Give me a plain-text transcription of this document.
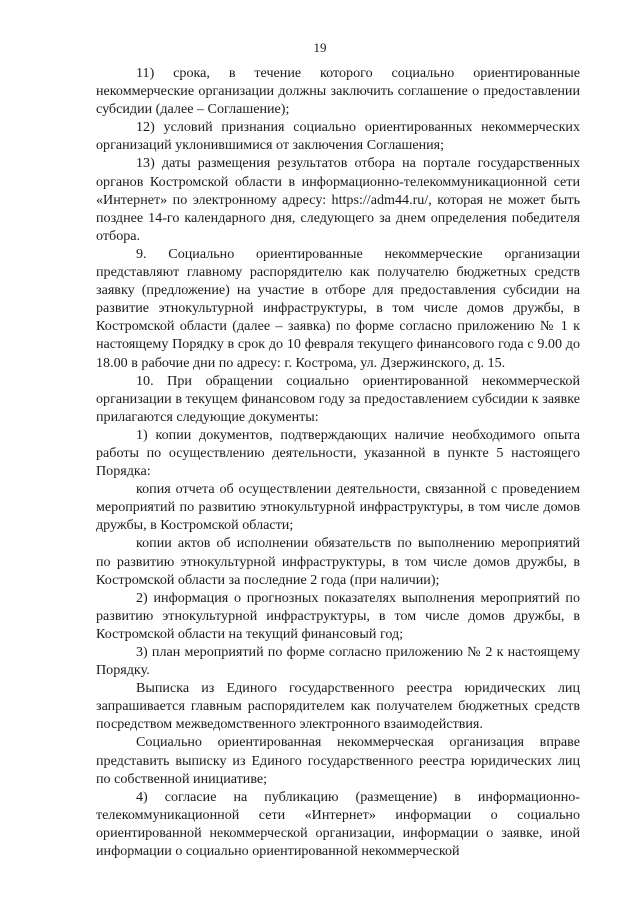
19

11) срока, в течение которого социально ориентированные некоммерческие организации должны заключить соглашение о предоставлении субсидии (далее – Соглашение);

12) условий признания социально ориентированных некоммерческих организаций уклонившимися от заключения Соглашения;

13) даты размещения результатов отбора на портале государственных органов Костромской области в информационно-телекоммуникационной сети «Интернет» по электронному адресу: https://adm44.ru/, которая не может быть позднее 14-го календарного дня, следующего за днем определения победителя отбора.

9. Социально ориентированные некоммерческие организации представляют главному распорядителю как получателю бюджетных средств заявку (предложение) на участие в отборе для предоставления субсидии на развитие этнокультурной инфраструктуры, в том числе домов дружбы, в Костромской области (далее – заявка) по форме согласно приложению № 1 к настоящему Порядку в срок до 10 февраля текущего финансового года с 9.00 до 18.00 в рабочие дни по адресу: г. Кострома, ул. Дзержинского, д. 15.

10. При обращении социально ориентированной некоммерческой организации в текущем финансовом году за предоставлением субсидии к заявке прилагаются следующие документы:

1) копии документов, подтверждающих наличие необходимого опыта работы по осуществлению деятельности, указанной в пункте 5 настоящего Порядка:

копия отчета об осуществлении деятельности, связанной с проведением мероприятий по развитию этнокультурной инфраструктуры, в том числе домов дружбы, в Костромской области;

копии актов об исполнении обязательств по выполнению мероприятий по развитию этнокультурной инфраструктуры, в том числе домов дружбы, в Костромской области за последние 2 года (при наличии);

2) информация о прогнозных показателях выполнения мероприятий по развитию этнокультурной инфраструктуры, в том числе домов дружбы, в Костромской области на текущий финансовый год;

3) план мероприятий по форме согласно приложению № 2 к настоящему Порядку.

Выписка из Единого государственного реестра юридических лиц запрашивается главным распорядителем как получателем бюджетных средств посредством межведомственного электронного взаимодействия.

Социально ориентированная некоммерческая организация вправе представить выписку из Единого государственного реестра юридических лиц по собственной инициативе;

4) согласие на публикацию (размещение) в информационно-телекоммуникационной сети «Интернет» информации о социально ориентированной некоммерческой организации, информации о заявке, иной информации о социально ориентированной некоммерческой
